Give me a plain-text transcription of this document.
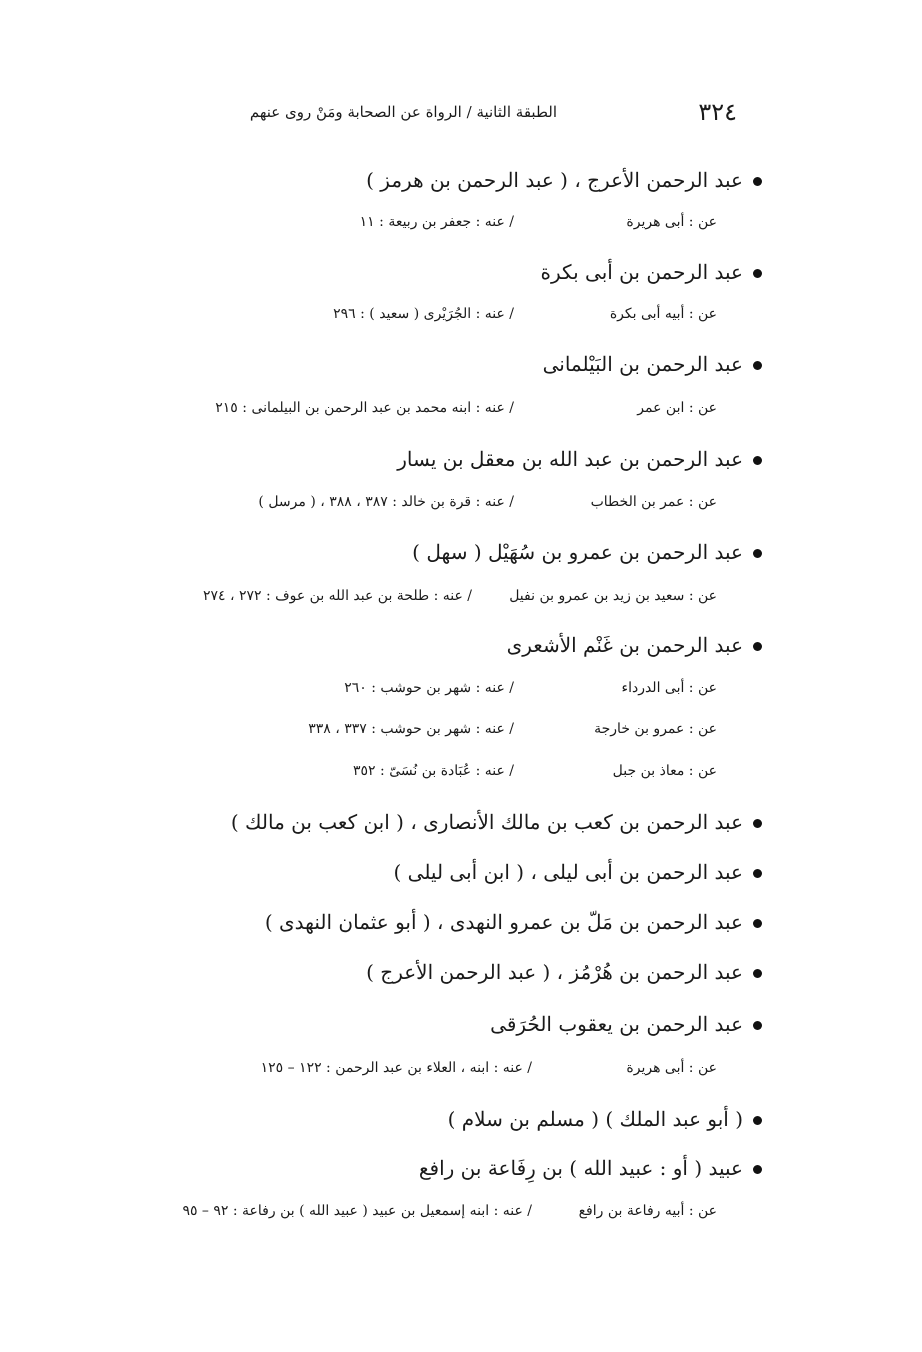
٣٢٤
الطبقة الثانية / الرواة عن الصحابة ومَنْ روى عنهم
عبد الرحمن الأعرج ، ( عبد الرحمن بن هرمز )
عن : أبى هريرة
/ عنه : جعفر بن ربيعة : ١١
عبد الرحمن بن أبى بكرة
عن : أبيه أبى بكرة
/ عنه : الجُرَيْرى ( سعيد ) : ٢٩٦
عبد الرحمن بن البَيْلمانى
عن : ابن عمر
/ عنه : ابنه محمد بن عبد الرحمن بن البيلمانى : ٢١٥
عبد الرحمن بن عبد الله بن معقل بن يسار
عن : عمر بن الخطاب
/ عنه : قرة بن خالد : ٣٨٧ ، ٣٨٨ ، ( مرسل )
عبد الرحمن بن عمرو بن سُهَيْل ( سهل )
عن : سعيد بن زيد بن عمرو بن نفيل
/ عنه : طلحة بن عبد الله بن عوف : ٢٧٢ ، ٢٧٤
عبد الرحمن بن غَنْم الأشعرى
عن : أبى الدرداء
/ عنه : شهر بن حوشب : ٢٦٠
عن : عمرو بن خارجة
/ عنه : شهر بن حوشب : ٣٣٧ ، ٣٣٨
عن : معاذ بن جبل
/ عنه : عُبَادة بن نُسَىّ : ٣٥٢
عبد الرحمن بن كعب بن مالك الأنصارى ، ( ابن كعب بن مالك )
عبد الرحمن بن أبى ليلى ، ( ابن أبى ليلى )
عبد الرحمن بن مَلّ بن عمرو النهدى ، ( أبو عثمان النهدى )
عبد الرحمن بن هُرْمُز ، ( عبد الرحمن الأعرج )
عبد الرحمن بن يعقوب الحُرَقى
عن : أبى هريرة
/ عنه : ابنه ، العلاء بن عبد الرحمن : ١٢٢ – ١٢٥
( أبو عبد الملك ) ( مسلم بن سلام )
عبيد ( أو : عبيد الله ) بن رِفَاعة بن رافع
عن : أبيه رفاعة بن رافع
/ عنه : ابنه إسمعيل بن عبيد ( عبيد الله ) بن رفاعة : ٩٢ – ٩٥
